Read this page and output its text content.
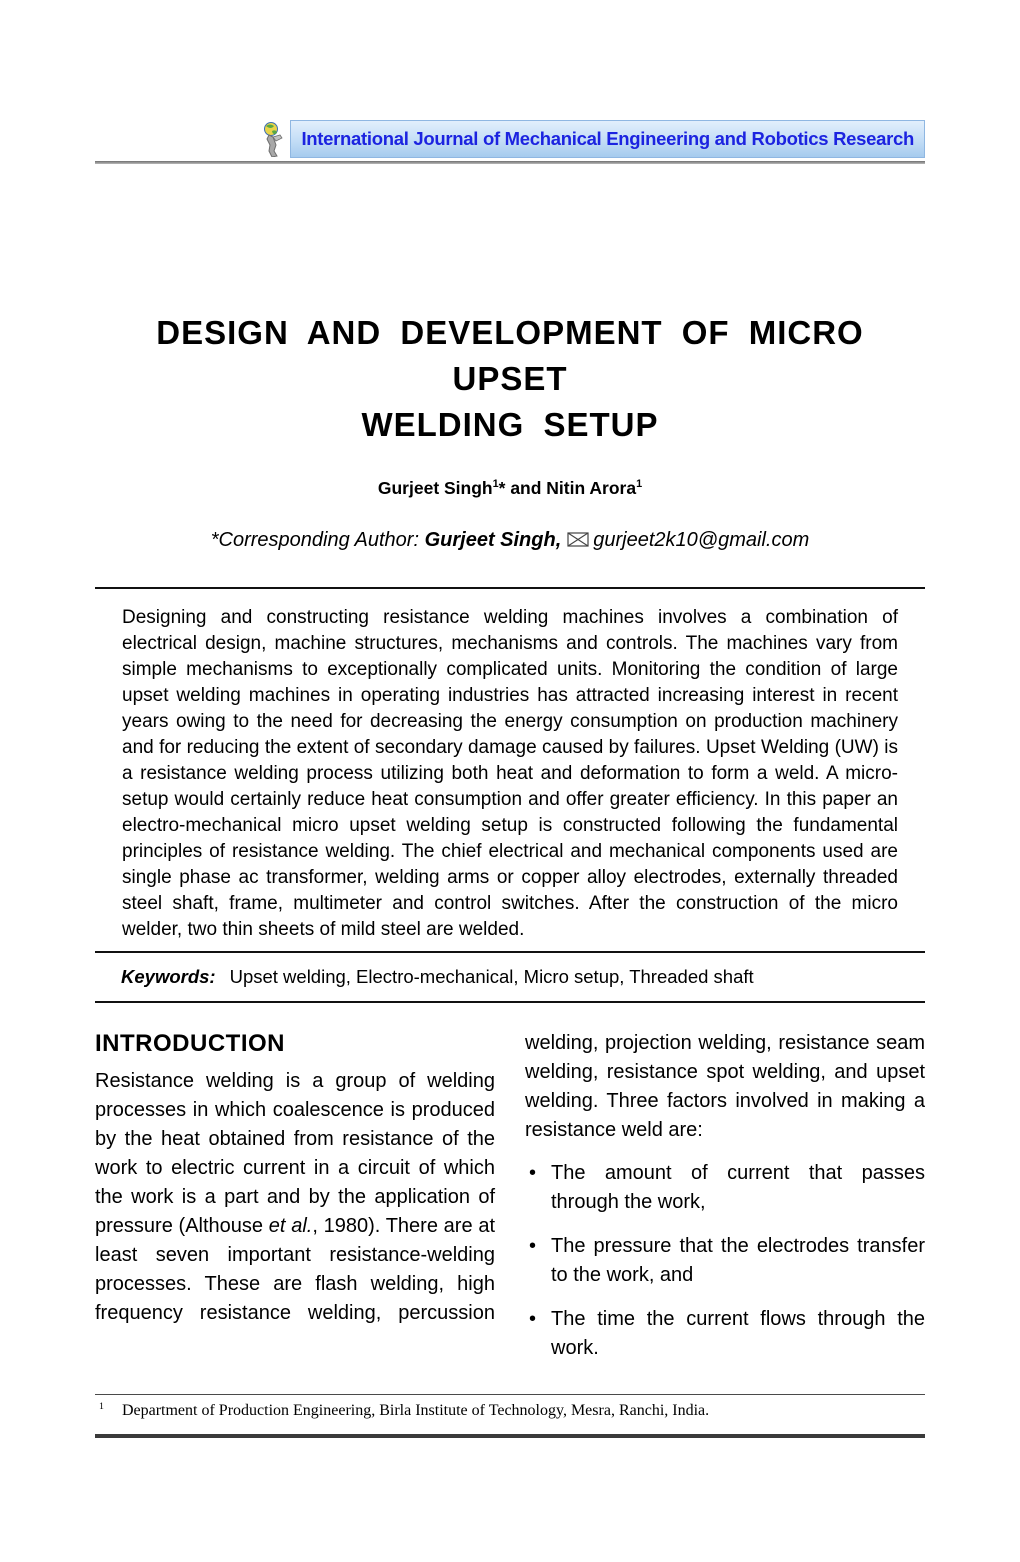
International Journal of Mechanical Engineering and Robotics Research
DESIGN AND DEVELOPMENT OF MICRO UPSET
WELDING SETUP
Gurjeet Singh$^1$* and Nitin Arora$^1$
*Corresponding Author: Gurjeet Singh, gurjeet2k10@gmail.com
Designing and constructing resistance welding machines involves a combination of electrical design, machine structures, mechanisms and controls. The machines vary from simple mechanisms to exceptionally complicated units. Monitoring the condition of large upset welding machines in operating industries has attracted increasing interest in recent years owing to the need for decreasing the energy consumption on production machinery and for reducing the extent of secondary damage caused by failures. Upset Welding (UW) is a resistance welding process utilizing both heat and deformation to form a weld. A micro-setup would certainly reduce heat consumption and offer greater efficiency. In this paper an electro-mechanical micro upset welding setup is constructed following the fundamental principles of resistance welding. The chief electrical and mechanical components used are single phase ac transformer, welding arms or copper alloy electrodes, externally threaded steel shaft, frame, multimeter and control switches. After the construction of the micro welder, two thin sheets of mild steel are welded.
Keywords: Upset welding, Electro-mechanical, Micro setup, Threaded shaft
INTRODUCTION
Resistance welding is a group of welding processes in which coalescence is produced by the heat obtained from resistance of the work to electric current in a circuit of which the work is a part and by the application of pressure (Althouse et al., 1980). There are at least seven important resistance-welding processes. These are flash welding, high frequency resistance welding, percussion
welding, projection welding, resistance seam welding, resistance spot welding, and upset welding. Three factors involved in making a resistance weld are:
• The amount of current that passes through the work,
• The pressure that the electrodes transfer to the work, and
• The time the current flows through the work.
$^1$ Department of Production Engineering, Birla Institute of Technology, Mesra, Ranchi, India.
